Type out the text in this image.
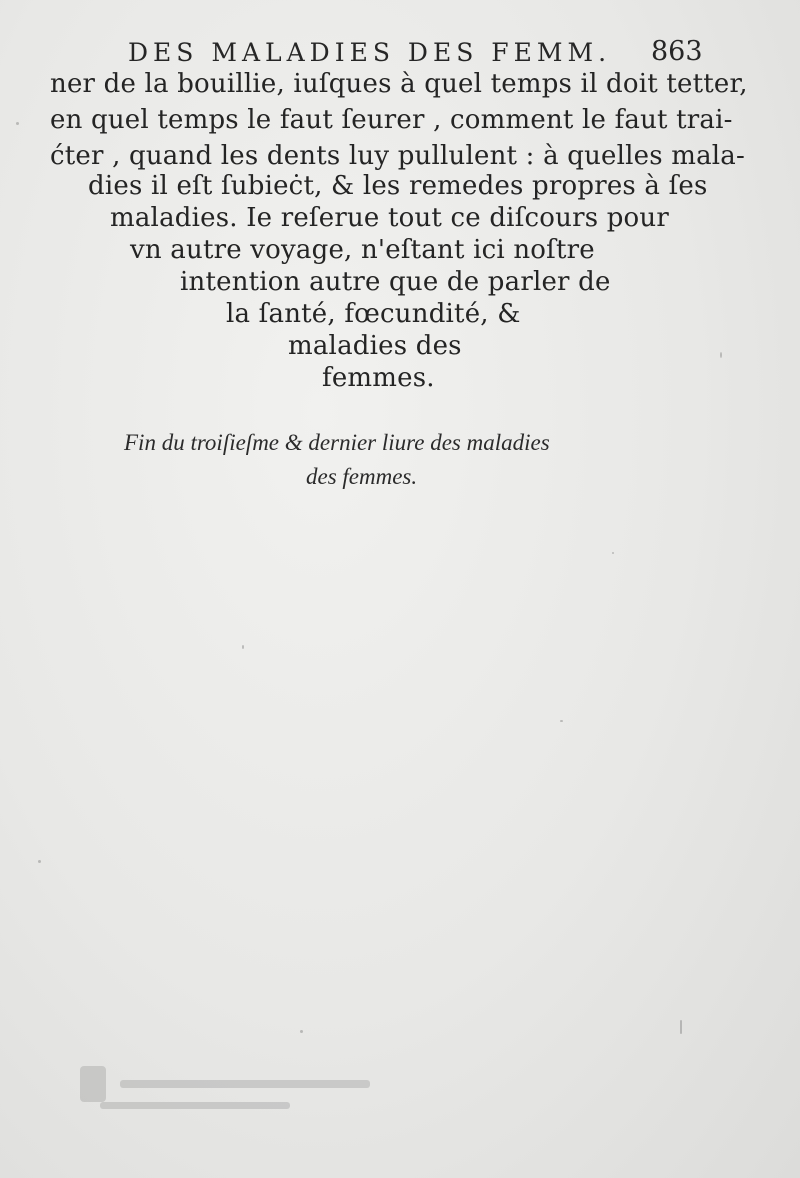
DES MALADIES DES FEMM. 863
ner de la bouillie, iuſques à quel temps il doit tetter,
en quel temps le faut ſeurer , comment le faut trai-
ćter , quand les dents luy pullulent : à quelles mala-
dies il eſt ſubieċt, & les remedes propres à ſes
maladies. Ie reſerue tout ce diſcours pour
vn autre voyage, n'eſtant ici noſtre
intention autre que de parler de
la ſanté, fœcundité, &
maladies des
femmes.
Fin du troiſieſme & dernier liure des maladies
des femmes.
